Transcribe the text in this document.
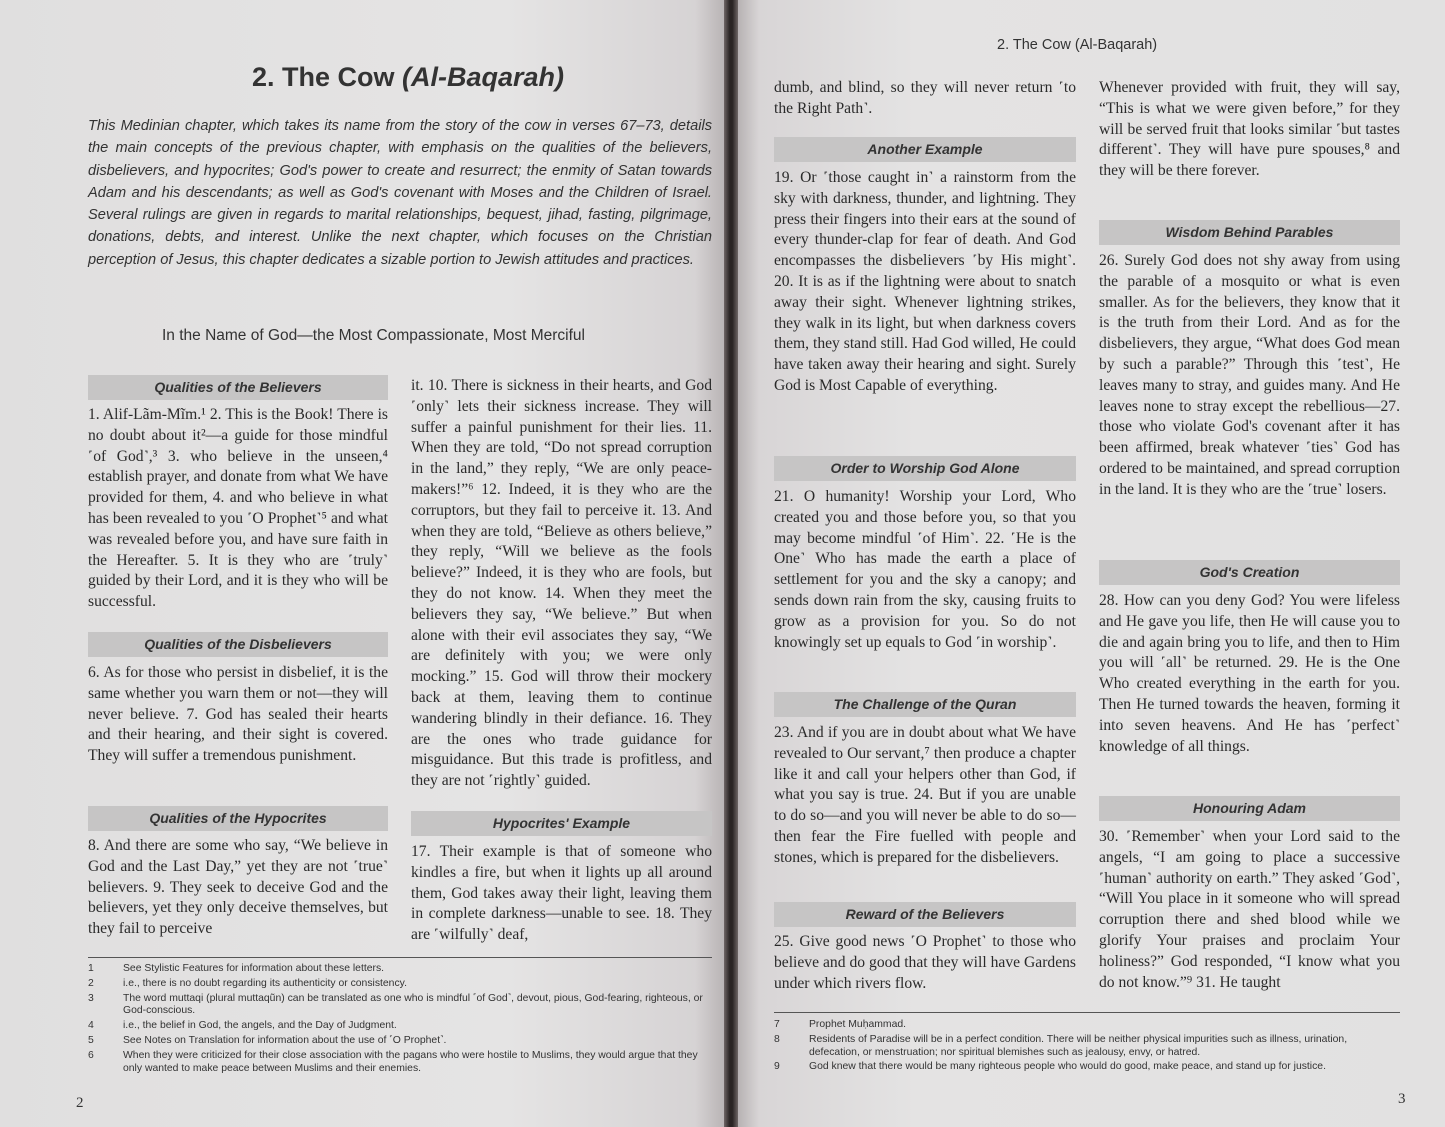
2. The Cow (Al-Baqarah)
This Medinian chapter, which takes its name from the story of the cow in verses 67–73, details the main concepts of the previous chapter, with emphasis on the qualities of the believers, disbelievers, and hypocrites; God's power to create and resurrect; the enmity of Satan towards Adam and his descendants; as well as God's covenant with Moses and the Children of Israel. Several rulings are given in regards to marital relationships, bequest, jihad, fasting, pilgrimage, donations, debts, and interest. Unlike the next chapter, which focuses on the Christian perception of Jesus, this chapter dedicates a sizable portion to Jewish attitudes and practices.
In the Name of God—the Most Compassionate, Most Merciful
Qualities of the Believers

1. Alif-Lãm-Mĩm.¹ 2. This is the Book! There is no doubt about it²—a guide for those mindful ˹of God˺,³ 3. who believe in the unseen,⁴ establish prayer, and donate from what We have provided for them, 4. and who believe in what has been revealed to you ˹O Prophet˺⁵ and what was revealed before you, and have sure faith in the Hereafter. 5. It is they who are ˹truly˺ guided by their Lord, and it is they who will be successful.

Qualities of the Disbelievers

6. As for those who persist in disbelief, it is the same whether you warn them or not—they will never believe. 7. God has sealed their hearts and their hearing, and their sight is covered. They will suffer a tremendous punishment.

Qualities of the Hypocrites

8. And there are some who say, “We believe in God and the Last Day,” yet they are not ˹true˺ believers. 9. They seek to deceive God and the believers, yet they only deceive themselves, but they fail to perceive

it. 10. There is sickness in their hearts, and God ˹only˺ lets their sickness increase. They will suffer a painful punishment for their lies. 11. When they are told, “Do not spread corruption in the land,” they reply, “We are only peace-makers!”⁶ 12. Indeed, it is they who are the corruptors, but they fail to perceive it. 13. And when they are told, “Believe as others believe,” they reply, “Will we believe as the fools believe?” Indeed, it is they who are fools, but they do not know. 14. When they meet the believers they say, “We believe.” But when alone with their evil associates they say, “We are definitely with you; we were only mocking.” 15. God will throw their mockery back at them, leaving them to continue wandering blindly in their defiance. 16. They are the ones who trade guidance for misguidance. But this trade is profitless, and they are not ˹rightly˺ guided.

Hypocrites' Example

17. Their example is that of someone who kindles a fire, but when it lights up all around them, God takes away their light, leaving them in complete darkness—unable to see. 18. They are ˹wilfully˺ deaf,

1	See Stylistic Features for information about these letters.
2	i.e., there is no doubt regarding its authenticity or consistency.
3	The word muttaqi (plural muttaqũn) can be translated as one who is mindful ˹of God˺, devout, pious, God-fearing, righteous, or God-conscious.
4	i.e., the belief in God, the angels, and the Day of Judgment.
5	See Notes on Translation for information about the use of ˹O Prophet˺.
6	When they were criticized for their close association with the pagans who were hostile to Muslims, they would argue that they only wanted to make peace between Muslims and their enemies.
2
2. The Cow (Al-Baqarah)

dumb, and blind, so they will never return ˹to the Right Path˺.

Another Example

19. Or ˹those caught in˺ a rainstorm from the sky with darkness, thunder, and lightning. They press their fingers into their ears at the sound of every thunder-clap for fear of death. And God encompasses the disbelievers ˹by His might˺. 20. It is as if the lightning were about to snatch away their sight. Whenever lightning strikes, they walk in its light, but when darkness covers them, they stand still. Had God willed, He could have taken away their hearing and sight. Surely God is Most Capable of everything.

Order to Worship God Alone

21. O humanity! Worship your Lord, Who created you and those before you, so that you may become mindful ˹of Him˺. 22. ˹He is the One˺ Who has made the earth a place of settlement for you and the sky a canopy; and sends down rain from the sky, causing fruits to grow as a provision for you. So do not knowingly set up equals to God ˹in worship˺.

The Challenge of the Quran

23. And if you are in doubt about what We have revealed to Our servant,⁷ then produce a chapter like it and call your helpers other than God, if what you say is true. 24. But if you are unable to do so—and you will never be able to do so—then fear the Fire fuelled with people and stones, which is prepared for the disbelievers.

Reward of the Believers

25. Give good news ˹O Prophet˺ to those who believe and do good that they will have Gardens under which rivers flow.

Whenever provided with fruit, they will say, “This is what we were given before,” for they will be served fruit that looks similar ˹but tastes different˺. They will have pure spouses,⁸ and they will be there forever.

Wisdom Behind Parables

26. Surely God does not shy away from using the parable of a mosquito or what is even smaller. As for the believers, they know that it is the truth from their Lord. And as for the disbelievers, they argue, “What does God mean by such a parable?” Through this ˹test˺, He leaves many to stray, and guides many. And He leaves none to stray except the rebellious—27. those who violate God's covenant after it has been affirmed, break whatever ˹ties˺ God has ordered to be maintained, and spread corruption in the land. It is they who are the ˹true˺ losers.

God's Creation

28. How can you deny God? You were lifeless and He gave you life, then He will cause you to die and again bring you to life, and then to Him you will ˹all˺ be returned. 29. He is the One Who created everything in the earth for you. Then He turned towards the heaven, forming it into seven heavens. And He has ˹perfect˺ knowledge of all things.

Honouring Adam

30. ˹Remember˺ when your Lord said to the angels, “I am going to place a successive ˹human˺ authority on earth.” They asked ˹God˺, “Will You place in it someone who will spread corruption there and shed blood while we glorify Your praises and proclaim Your holiness?” God responded, “I know what you do not know.”⁹ 31. He taught

7	Prophet Muḥammad.
8	Residents of Paradise will be in a perfect condition. There will be neither physical impurities such as illness, urination, defecation, or menstruation; nor spiritual blemishes such as jealousy, envy, or hatred.
9	God knew that there would be many righteous people who would do good, make peace, and stand up for justice.
3
